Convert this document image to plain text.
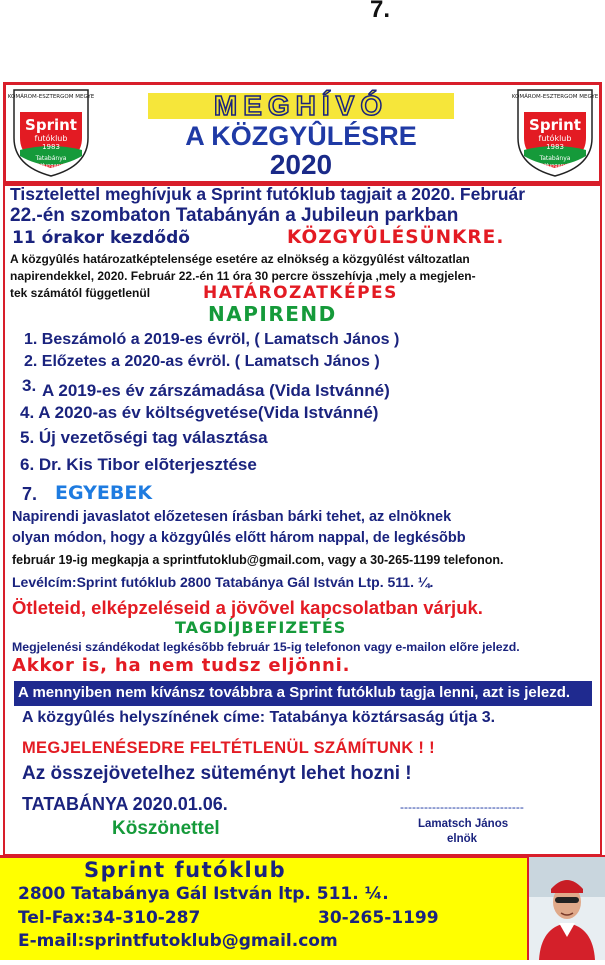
7.
KOMÁROM-ESZTERGOM MEGYE
Sprint
futóklub
1983
Tatabánya
Hungary
KOMÁROM-ESZTERGOM MEGYE
Sprint
futóklub
1983
Tatabánya
Hungary
MEGHÍVÓ
A KÖZGYÛLÉSRE
2020
Tisztelettel meghívjuk a Sprint futóklub tagjait a 2020. Február
22.-én szombaton Tatabányán a Jubileun parkban
11 órakor kezdődõ	KÖZGYÛLÉSÜNKRE.
A közgyûlés határozatképtelensége esetére az elnökség a közgyûlést változatlan
napirendekkel, 2020. Február 22.-én 11 óra 30 percre összehívja ,mely a megjelen-
tek számától függetlenül	HATÁROZATKÉPES
NAPIREND
1. Beszámoló a 2019-es évröl, ( Lamatsch János )
2. Előzetes a 2020-as évröl. ( Lamatsch János )
3. A 2019-es év zárszámadása (Vida Istvánné)
4. A 2020-as év költségvetése(Vida Istvánné)
5. Új vezetõségi tag választása
6. Dr. Kis Tibor elõterjesztése
7. EGYEBEK
Napirendi javaslatot előzetesen írásban bárki tehet, az elnöknek
olyan módon, hogy a közgyûlés előtt három nappal, de legkésõbb
február 19-ig megkapja a sprintfutoklub@gmail.com, vagy a 30-265-1199 telefonon.
Levélcím:Sprint futóklub 2800 Tatabánya Gál István Ltp. 511. ¼.
Ötleteid, elképzeléseid a jövõvel kapcsolatban várjuk.
TAGDÍJBEFIZETÉS
Megjelenési szándékodat legkésõbb február 15-ig telefonon vagy e-mailon elõre jelezd.
Akkor is, ha nem tudsz eljönni.
A mennyiben nem kívánsz továbbra a Sprint futóklub tagja lenni, azt is jelezd.
A közgyûlés helyszínének címe: Tatabánya köztársaság útja 3.
MEGJELENÉSEDRE FELTÉTLENÜL SZÁMÍTUNK ! !
Az összejövetelhez süteményt lehet hozni !
TATABÁNYA 2020.01.06.	-------------------------------
Köszönettel	Lamatsch János
elnök
Sprint futóklub
2800 Tatabánya Gál István ltp. 511. ¼.
Tel-Fax:34-310-287	30-265-1199
E-mail:sprintfutoklub@gmail.com
